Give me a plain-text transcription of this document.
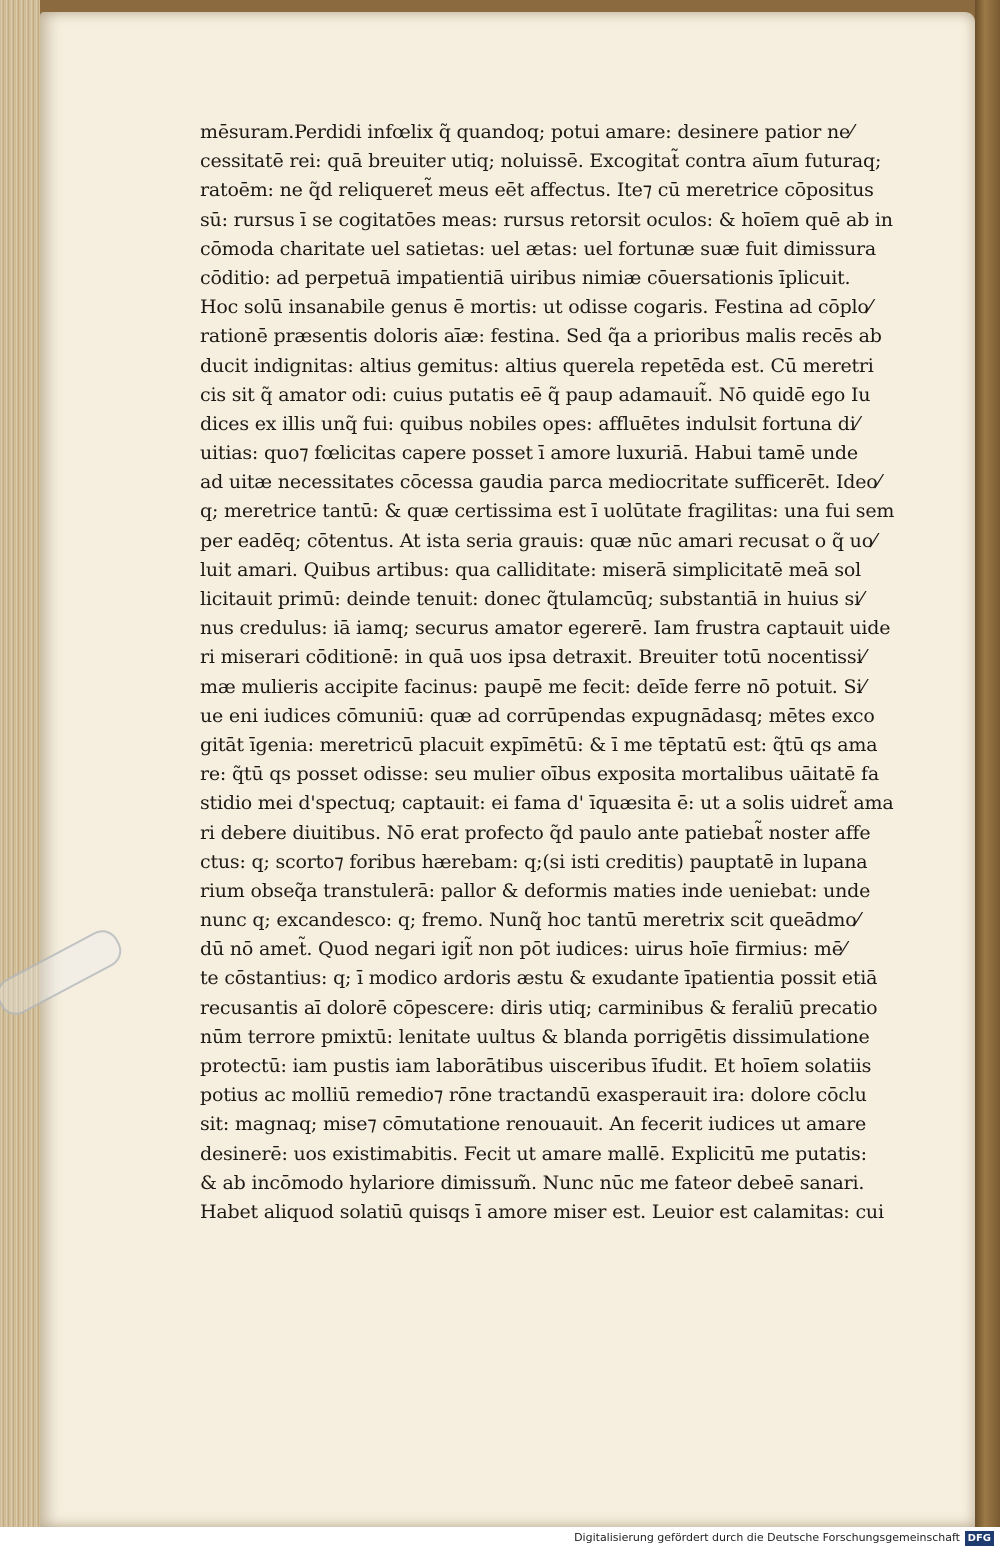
mēsuram.Perdidi infœlix q̃ quandoq; potui amare: desinere patior ne⁄
cessitatē rei: quā breuiter utiq; noluissē. Excogitat̃ contra aīum futuraq;
ratoēm: ne q̃d reliqueret̃ meus eēt affectus. Ite⁊ cū meretrice cōpositus
sū: rursus ī se cogitatōes meas: rursus retorsit oculos: & hoīem quē ab in
cōmoda charitate uel satietas: uel ætas: uel fortunæ suæ fuit dimissura
cōditio: ad perpetuā impatientiā uiribus nimiæ cōuersationis īplicuit.
Hoc solū insanabile genus ē mortis: ut odisse cogaris. Festina ad cōplo⁄
rationē præsentis doloris aīæ: festina. Sed q̃a a prioribus malis recēs ab
ducit indignitas: altius gemitus: altius querela repetēda est. Cū meretri
cis sit q̃ amator odi: cuius putatis eē q̃ paup adamauit̃. Nō quidē ego Iu
dices ex illis unq̃ fui: quibus nobiles opes: affluētes indulsit fortuna di⁄
uitias: quo⁊ fœlicitas capere posset ī amore luxuriā. Habui tamē unde
ad uitæ necessitates cōcessa gaudia parca mediocritate sufficerēt. Ideo⁄
q; meretrice tantū: & quæ certissima est ī uolūtate fragilitas: una fui sem
per eadēq; cōtentus. At ista seria grauis: quæ nūc amari recusat o q̃ uo⁄
luit amari. Quibus artibus: qua calliditate: miserā simplicitatē meā sol
licitauit primū: deinde tenuit: donec q̃tulamcūq; substantiā in huius si⁄
nus credulus: iā iamq; securus amator egererē. Iam frustra captauit uide
ri miserari cōditionē: in quā uos ipsa detraxit. Breuiter totū nocentissi⁄
mæ mulieris accipite facinus: paupē me fecit: deīde ferre nō potuit. Si⁄
ue eni iudices cōmuniū: quæ ad corrūpendas expugnādasq; mētes exco
gitāt īgenia: meretricū placuit expīmētū: & ī me tēptatū est: q̃tū qs ama
re: q̃tū qs posset odisse: seu mulier oībus exposita mortalibus uāitatē fa
stidio mei d'spectuq; captauit: ei fama d' īquæsita ē: ut a solis uidret̃ ama
ri debere diuitibus. Nō erat profecto q̃d paulo ante patiebat̃ noster affe
ctus: q; scorto⁊ foribus hærebam: q;(si isti creditis) pauptatē in lupana
rium obseq̃a transtulerā: pallor & deformis maties inde ueniebat: unde
nunc q; excandesco: q; fremo. Nunq̃ hoc tantū meretrix scit queādmo⁄
dū nō amet̃. Quod negari igit̃ non pōt iudices: uirus hoīe firmius: mē⁄
te cōstantius: q; ī modico ardoris æstu & exudante īpatientia possit etiā
recusantis aī dolorē cōpescere: diris utiq; carminibus & feraliū precatio
nūm terrore pmixtū: lenitate uultus & blanda porrigētis dissimulatione
protectū: iam pustis iam laborātibus uisceribus īfudit. Et hoīem solatiis
potius ac molliū remedio⁊ rōne tractandū exasperauit ira: dolore cōclu
sit: magnaq; mise⁊ cōmutatione renouauit. An fecerit iudices ut amare
desinerē: uos existimabitis. Fecit ut amare mallē. Explicitū me putatis:
& ab incōmodo hylariore dimissum̃. Nunc nūc me fateor debeē sanari.
Habet aliquod solatiū quisqs ī amore miser est. Leuior est calamitas: cui
Digitalisierung gefördert durch die Deutsche Forschungsgemeinschaft DFG
